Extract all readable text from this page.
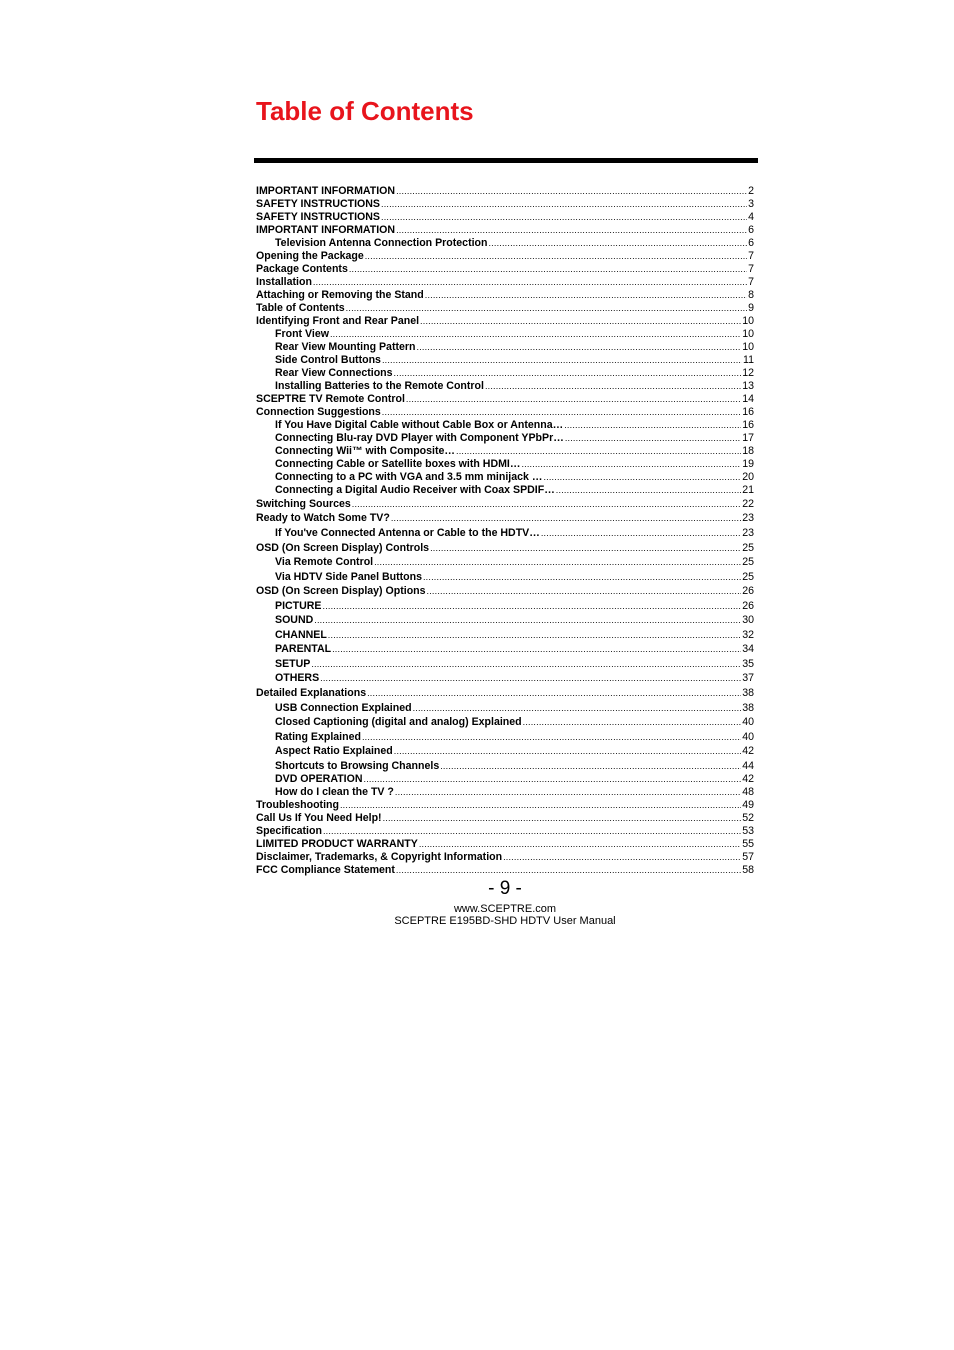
Table of Contents
IMPORTANT INFORMATION .....	2
SAFETY INSTRUCTIONS .....	3
SAFETY INSTRUCTIONS .....	4
IMPORTANT INFORMATION .....	6
Television Antenna Connection Protection .....	6
Opening the Package .....	7
Package Contents .....	7
Installation .....	7
Attaching or Removing the Stand .....	8
Table of Contents .....	9
Identifying Front and Rear Panel .....	10
Front View .....	10
Rear View Mounting Pattern .....	10
Side Control Buttons .....	11
Rear View Connections .....	12
Installing Batteries to the Remote Control .....	13
SCEPTRE TV Remote Control .....	14
Connection Suggestions .....	16
If You Have Digital Cable without Cable Box or Antenna… .....	16
Connecting Blu-ray DVD Player with Component YPbPr… .....	17
Connecting Wii™ with Composite… .....	18
Connecting Cable or Satellite boxes with HDMI… .....	19
Connecting to a PC with VGA and 3.5 mm minijack … .....	20
Connecting a Digital Audio Receiver with Coax SPDIF… .....	21
Switching Sources .....	22
Ready to Watch Some TV? .....	23
If You've Connected Antenna or Cable to the HDTV… .....	23
OSD (On Screen Display) Controls .....	25
Via Remote Control .....	25
Via HDTV Side Panel Buttons .....	25
OSD (On Screen Display) Options .....	26
PICTURE .....	26
SOUND .....	30
CHANNEL .....	32
PARENTAL .....	34
SETUP .....	35
OTHERS .....	37
Detailed Explanations .....	38
USB Connection Explained .....	38
Closed Captioning (digital and analog) Explained .....	40
Rating Explained .....	40
Aspect Ratio Explained .....	42
Shortcuts to Browsing Channels .....	44
DVD OPERATION .....	42
How do I clean the TV ? .....	48
Troubleshooting .....	49
Call Us If You Need Help! .....	52
Specification .....	53
LIMITED PRODUCT WARRANTY .....	55
Disclaimer, Trademarks, & Copyright Information .....	57
FCC Compliance Statement .....	58
- 9 -
www.SCEPTRE.com
SCEPTRE E195BD-SHD HDTV User Manual
